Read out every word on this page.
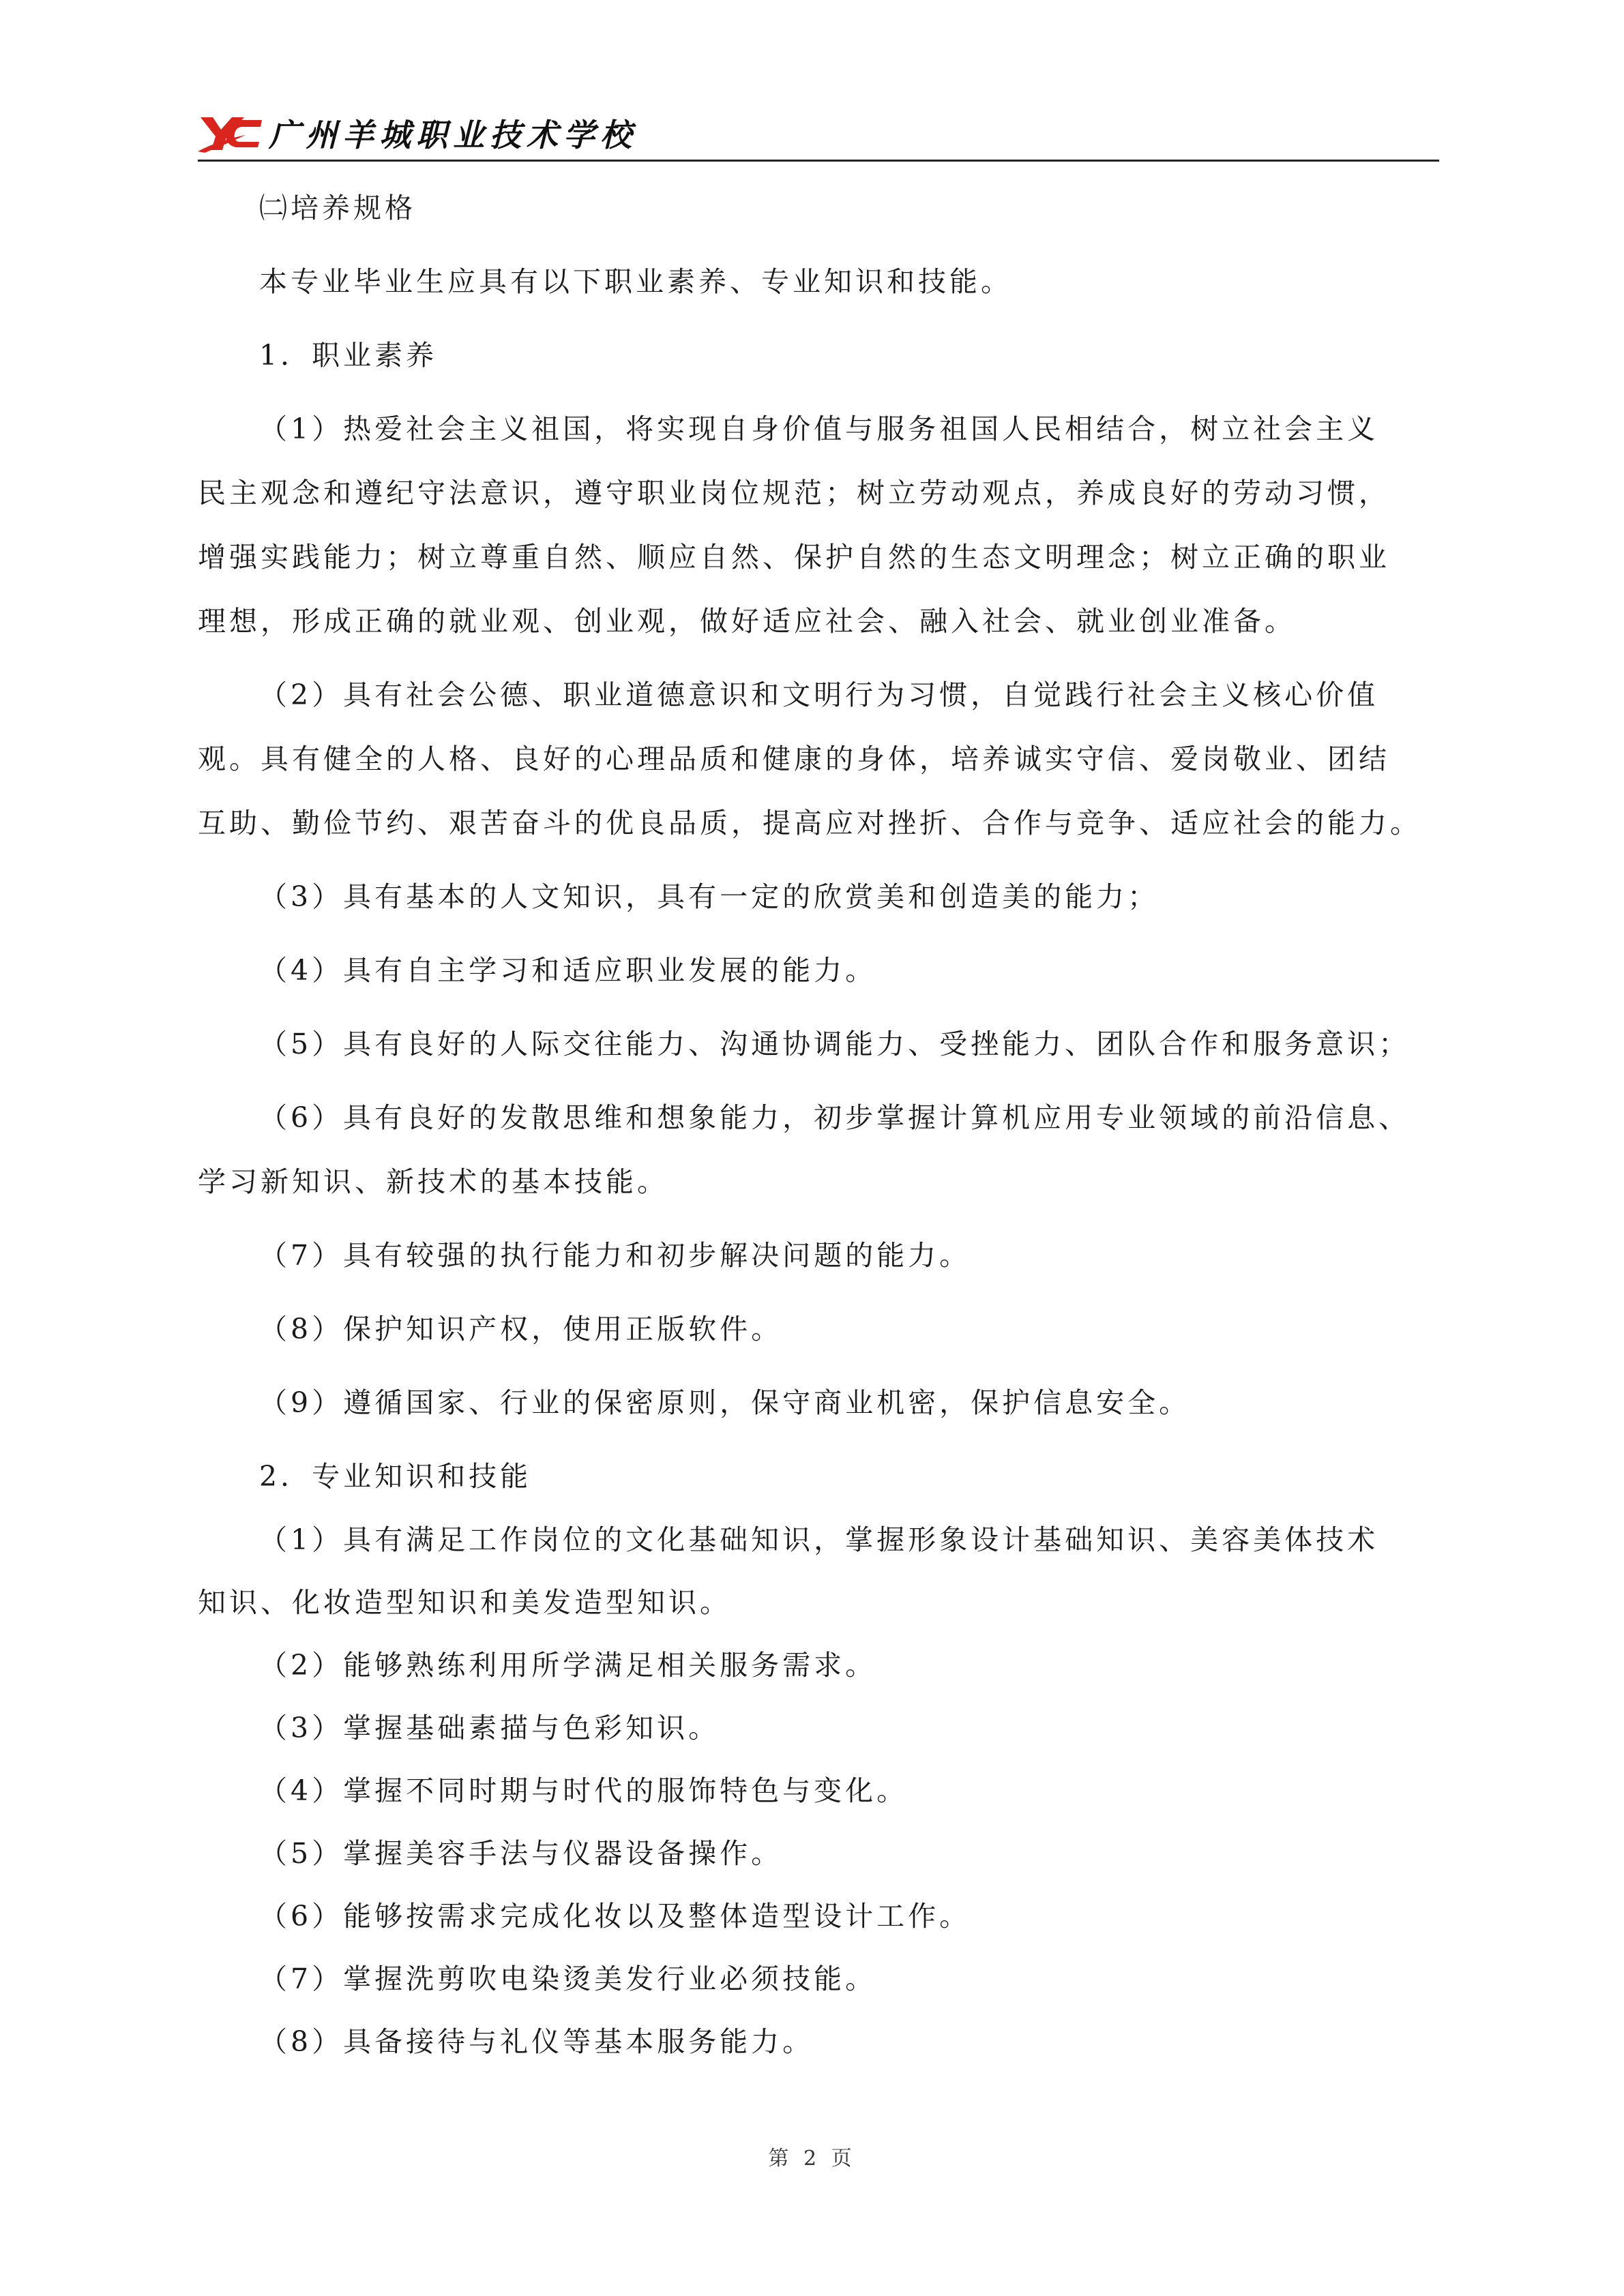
广州羊城职业技术学校

㈡培养规格

本专业毕业生应具有以下职业素养、专业知识和技能。

1．职业素养

（1）热爱社会主义祖国，将实现自身价值与服务祖国人民相结合，树立社会主义

民主观念和遵纪守法意识，遵守职业岗位规范；树立劳动观点，养成良好的劳动习惯，

增强实践能力；树立尊重自然、顺应自然、保护自然的生态文明理念；树立正确的职业

理想，形成正确的就业观、创业观，做好适应社会、融入社会、就业创业准备。

（2）具有社会公德、职业道德意识和文明行为习惯，自觉践行社会主义核心价值

观。具有健全的人格、良好的心理品质和健康的身体，培养诚实守信、爱岗敬业、团结

互助、勤俭节约、艰苦奋斗的优良品质，提高应对挫折、合作与竞争、适应社会的能力。

（3）具有基本的人文知识，具有一定的欣赏美和创造美的能力；

（4）具有自主学习和适应职业发展的能力。

（5）具有良好的人际交往能力、沟通协调能力、受挫能力、团队合作和服务意识；

（6）具有良好的发散思维和想象能力，初步掌握计算机应用专业领域的前沿信息、

学习新知识、新技术的基本技能。

（7）具有较强的执行能力和初步解决问题的能力。

（8）保护知识产权，使用正版软件。

（9）遵循国家、行业的保密原则，保守商业机密，保护信息安全。

2．专业知识和技能

（1）具有满足工作岗位的文化基础知识，掌握形象设计基础知识、美容美体技术

知识、化妆造型知识和美发造型知识。

（2）能够熟练利用所学满足相关服务需求。

（3）掌握基础素描与色彩知识。

（4）掌握不同时期与时代的服饰特色与变化。

（5）掌握美容手法与仪器设备操作。

（6）能够按需求完成化妆以及整体造型设计工作。

（7）掌握洗剪吹电染烫美发行业必须技能。

（8）具备接待与礼仪等基本服务能力。

第 2 页
